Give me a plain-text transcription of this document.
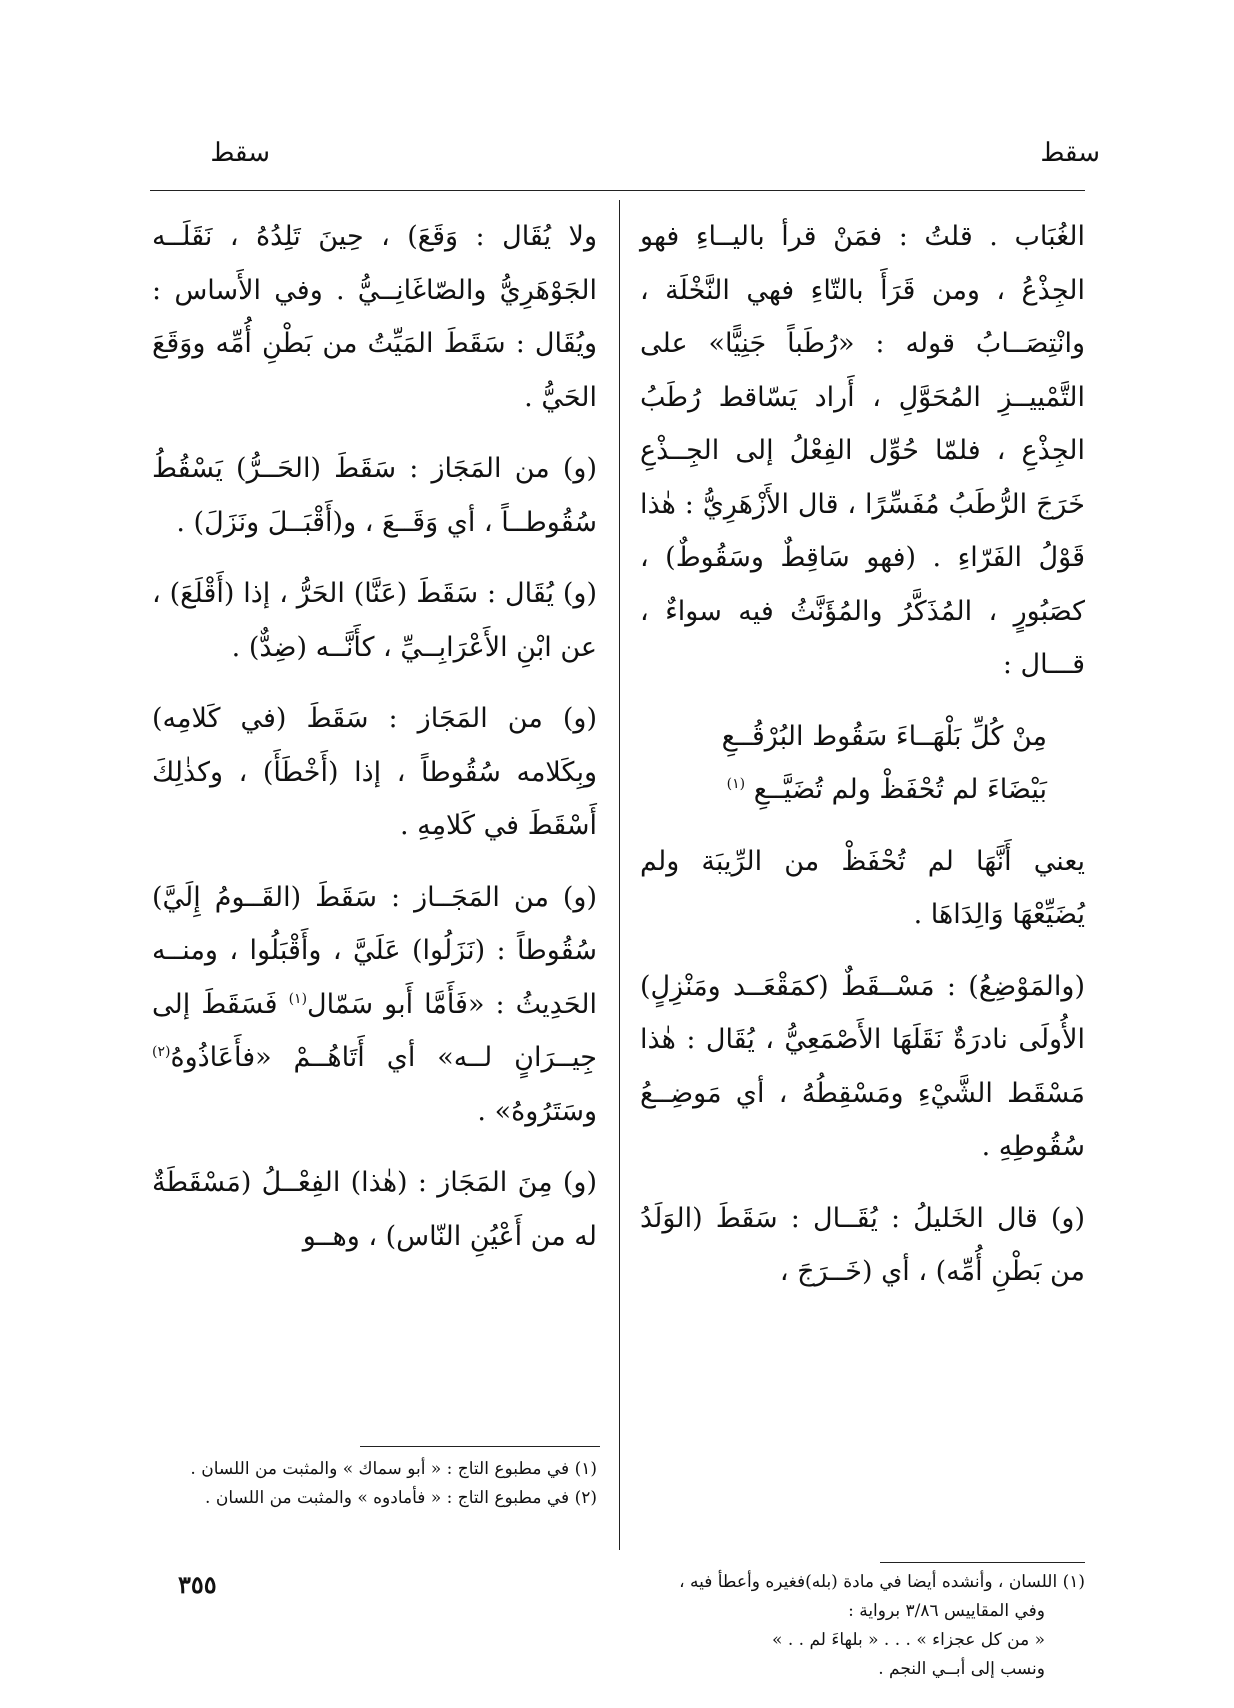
سقط
سقط

الغُبَاب . قلتُ : فمَنْ قرأ باليــاءِ فهو الجِذْعُ ، ومن قَرَأَ بالتّاءِ فهي النَّخْلَة ، وانْتِصَــابُ قوله : «رُطَباً جَنِيًّا» على التَّمْييــزِ المُحَوَّلِ ، أَراد يَسّاقط رُطَبُ الجِذْعِ ، فلمّا حُوِّل الفِعْلُ إلى الجِــذْعِ خَرَجَ الرُّطَبُ مُفَسِّرًا ، قال الأَزْهَرِيُّ : هٰذا قَوْلُ الفَرّاءِ . (فهو سَاقِطٌ وسَقُوطٌ) ، كصَبُورٍ ، المُذَكَّرُ والمُؤَنَّثُ فيه سواءٌ ، قـــال :

مِنْ كُلِّ بَلْهَــاءَ سَقُوط البُرْقُــعِ
بَيْضَاءَ لم تُحْفَظْ ولم تُضَيَّــعِ $^{(١)}$

يعني أَنَّهَا لم تُحْفَظْ من الرِّيبَة ولم يُضَيِّعْهَا وَالِدَاهَا .

(والمَوْضِعُ) : مَسْــقَطٌ (كمَقْعَــد ومَنْزِلٍ) الأُولَى نادرَةٌ نَقَلَهَا الأَصْمَعِيُّ ، يُقَال : هٰذا مَسْقَط الشَّيْءِ ومَسْقِطُهُ ، أي مَوضِــعُ سُقُوطِهِ .

(و) قال الخَليلُ : يُقَــال : سَقَطَ (الوَلَدُ من بَطْنِ أُمِّه) ، أي (خَــرَجَ ،

ولا يُقَال : وَقَعَ) ، حِينَ تَلِدُهُ ، نَقَلَــه الجَوْهَرِيُّ والصّاغَانِــيُّ . وفي الأَساس : ويُقَال : سَقَطَ المَيِّتُ من بَطْنِ أُمِّه ووَقَعَ الحَيُّ .

(و) من المَجَاز : سَقَطَ (الحَــرُّ) يَسْقُطُ سُقُوطــاً ، أي وَقَــعَ ، و(أَقْبَــلَ ونَزَلَ) .

(و) يُقَال : سَقَطَ (عَنَّا) الحَرُّ ، إذا (أَقْلَعَ) ، عن ابْنِ الأَعْرَابِــيِّ ، كأَنَّــه (ضِدٌّ) .

(و) من المَجَاز : سَقَطَ (في كَلامِه) وبِكَلامه سُقُوطاً ، إذا (أَخْطَأَ) ، وكذٰلِكَ أَسْقَطَ في كَلامِهِ .

(و) من المَجَــاز : سَقَطَ (القَــومُ إِلَيَّ) سُقُوطاً : (نَزَلُوا) عَلَيَّ ، وأَقْبَلُوا ، ومنــه الحَدِيثُ : «فَأَمَّا أَبو سَمّال$^{(١)}$ فَسَقَطَ إلى جِيــرَانٍ لــه» أي أَتَاهُــمْ «فأَعَاذُوهُ$^{(٢)}$ وسَتَرُوهُ» .

(و) مِنَ المَجَاز : (هٰذا) الفِعْــلُ (مَسْقَطَةٌ له من أَعْيُنِ النّاس) ، وهــو

(١) اللسان ، وأنشده أيضا في مادة (بله)فغيره وأعطأ فيه ،
وفي المقاييس ٣/٨٦ برواية :
« من كل عجزاء » . . . « بلهاءَ لم . . »
ونسب إلى أبــي النجم .
(١) في مطبوع التاج : « أبو سماك » والمثبت من اللسان .
(٢) في مطبوع التاج : « فأمادوه » والمثبت من اللسان .
٣٥٥
